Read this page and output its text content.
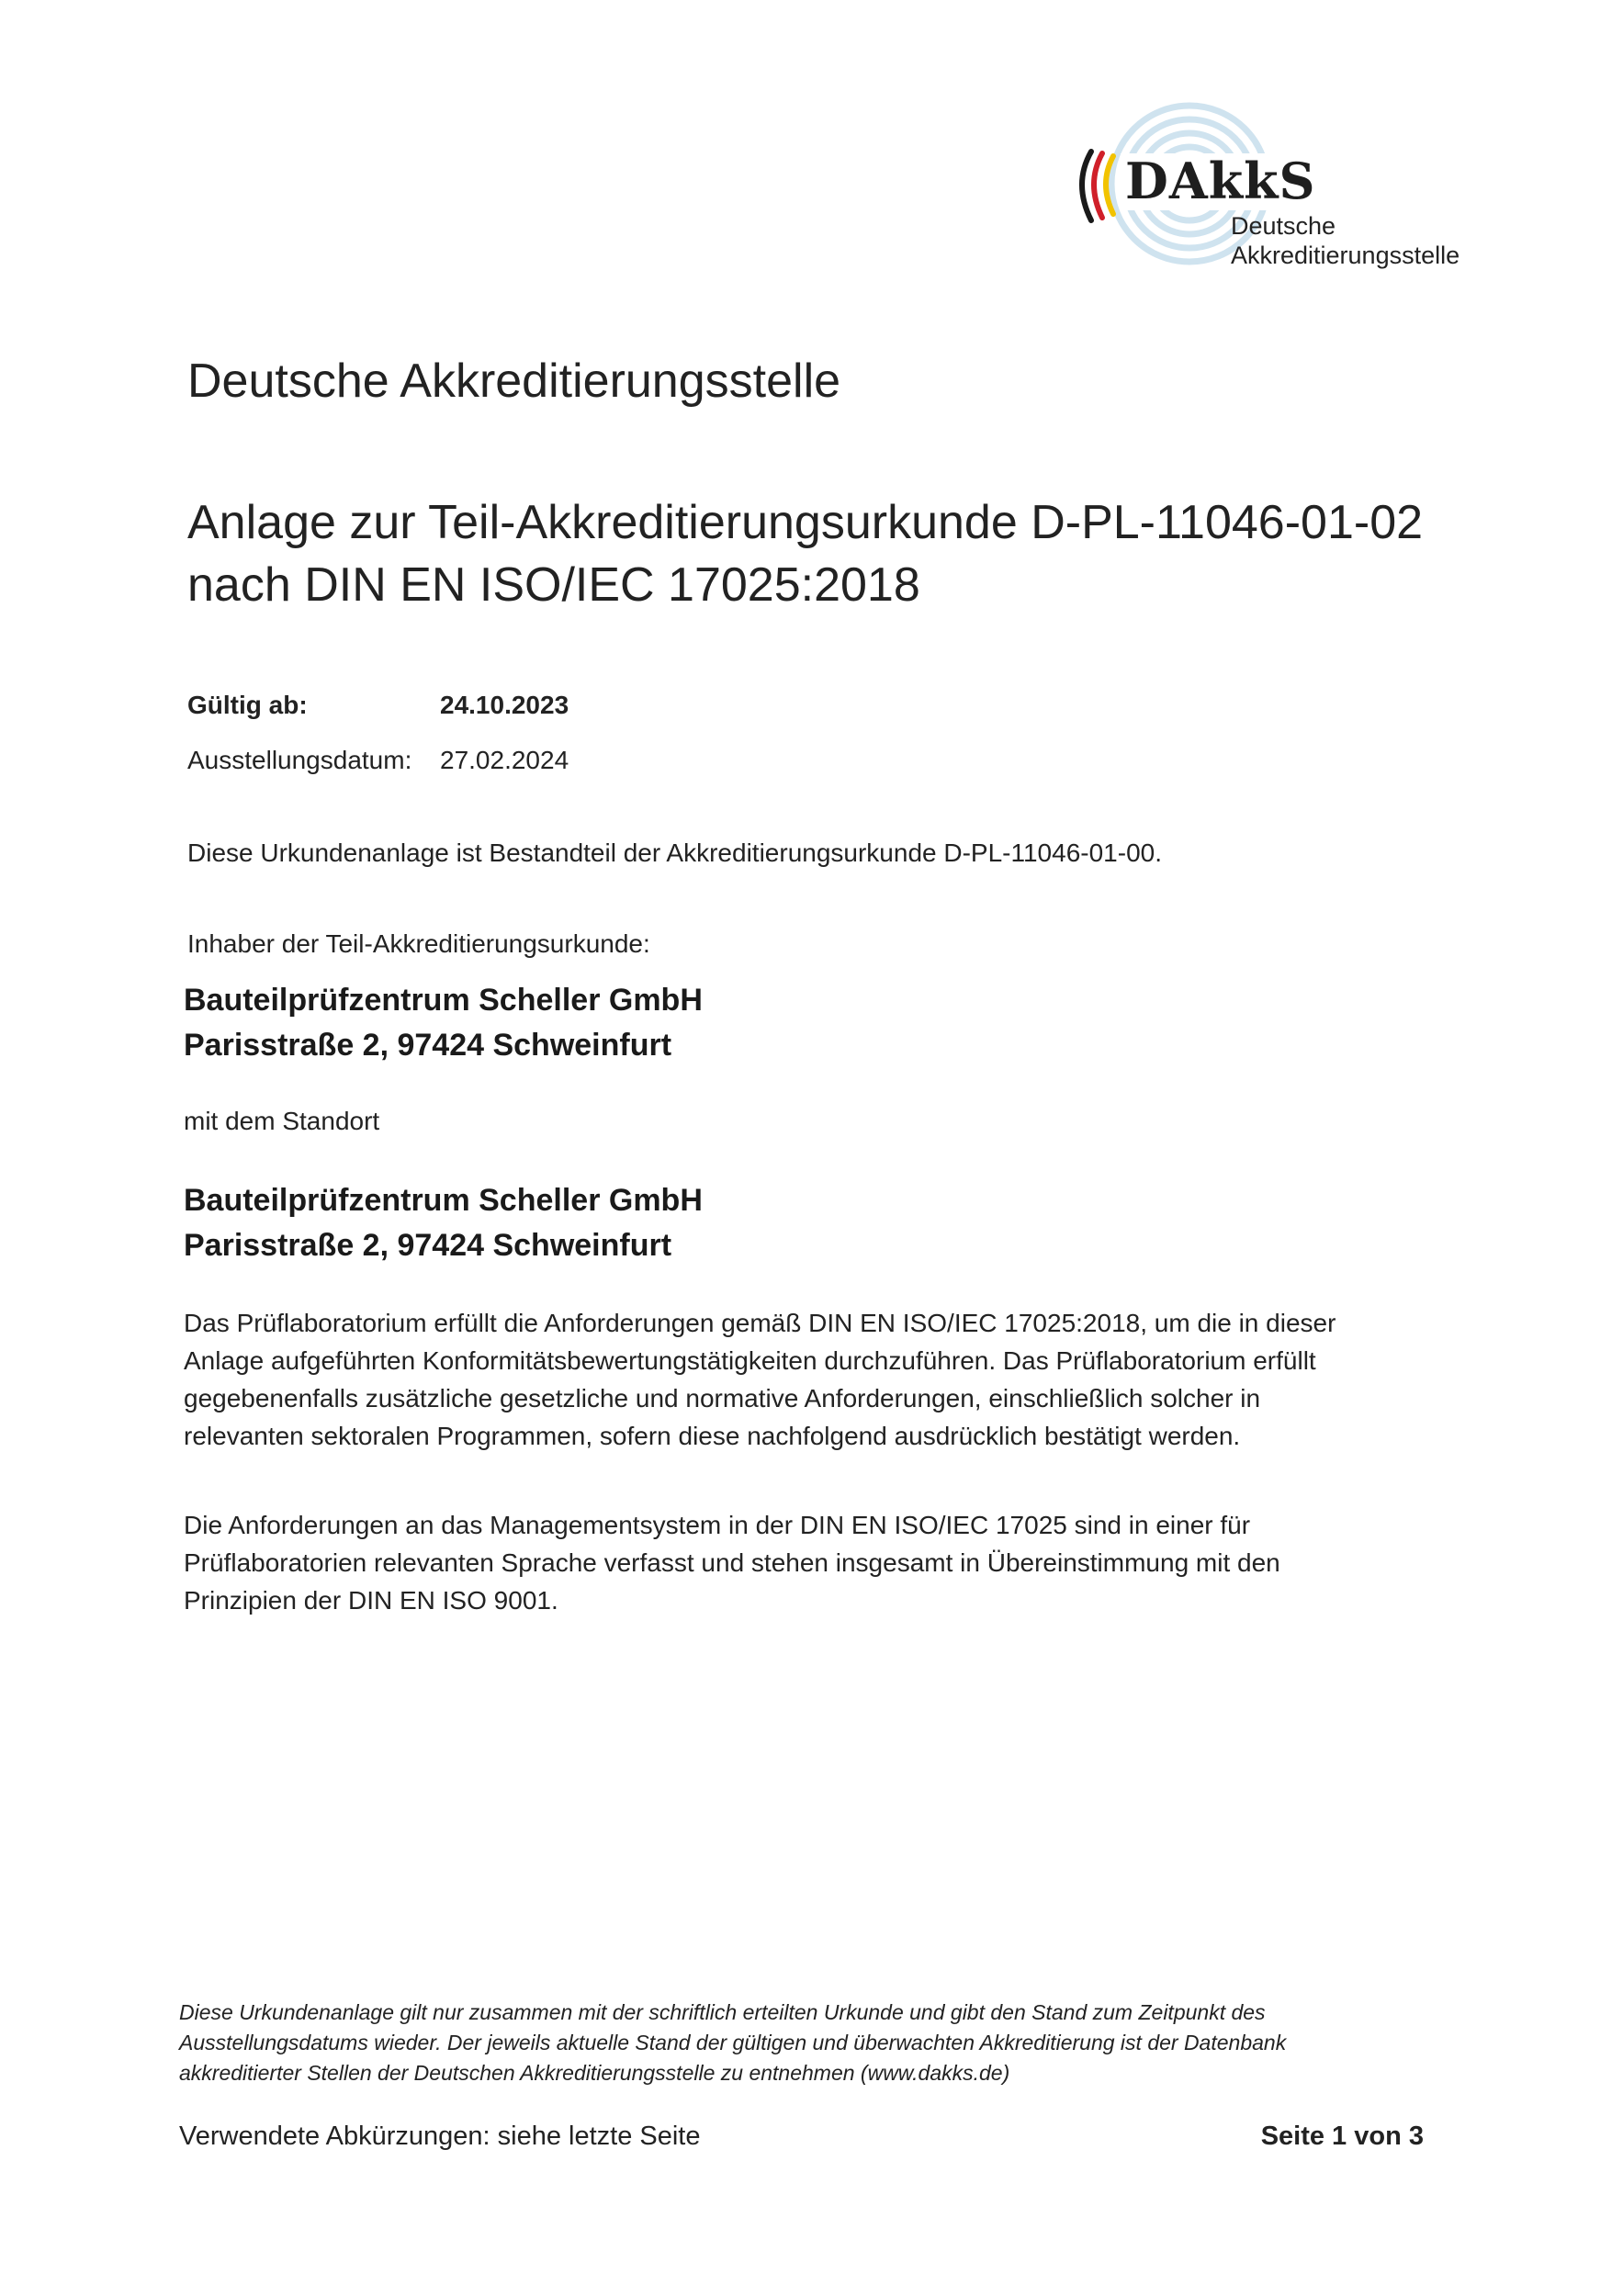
DAkkS
Deutsche
Akkreditierungsstelle
Deutsche Akkreditierungsstelle
Anlage zur Teil-Akkreditierungsurkunde D-PL-11046-01-02
nach DIN EN ISO/IEC 17025:2018
Gültig ab:	24.10.2023
Ausstellungsdatum: 27.02.2024

Diese Urkundenanlage ist Bestandteil der Akkreditierungsurkunde D-PL-11046-01-00.

Inhaber der Teil-Akkreditierungsurkunde:

Bauteilprüfzentrum Scheller GmbH
Parisstraße 2, 97424 Schweinfurt

mit dem Standort

Bauteilprüfzentrum Scheller GmbH
Parisstraße 2, 97424 Schweinfurt

Das Prüflaboratorium erfüllt die Anforderungen gemäß DIN EN ISO/IEC 17025:2018, um die in dieser
Anlage aufgeführten Konformitätsbewertungstätigkeiten durchzuführen. Das Prüflaboratorium erfüllt
gegebenenfalls zusätzliche gesetzliche und normative Anforderungen, einschließlich solcher in
relevanten sektoralen Programmen, sofern diese nachfolgend ausdrücklich bestätigt werden.

Die Anforderungen an das Managementsystem in der DIN EN ISO/IEC 17025 sind in einer für
Prüflaboratorien relevanten Sprache verfasst und stehen insgesamt in Übereinstimmung mit den
Prinzipien der DIN EN ISO 9001.

Diese Urkundenanlage gilt nur zusammen mit der schriftlich erteilten Urkunde und gibt den Stand zum Zeitpunkt des
Ausstellungsdatums wieder. Der jeweils aktuelle Stand der gültigen und überwachten Akkreditierung ist der Datenbank
akkreditierter Stellen der Deutschen Akkreditierungsstelle zu entnehmen (www.dakks.de)

Verwendete Abkürzungen: siehe letzte Seite	Seite 1 von 3
